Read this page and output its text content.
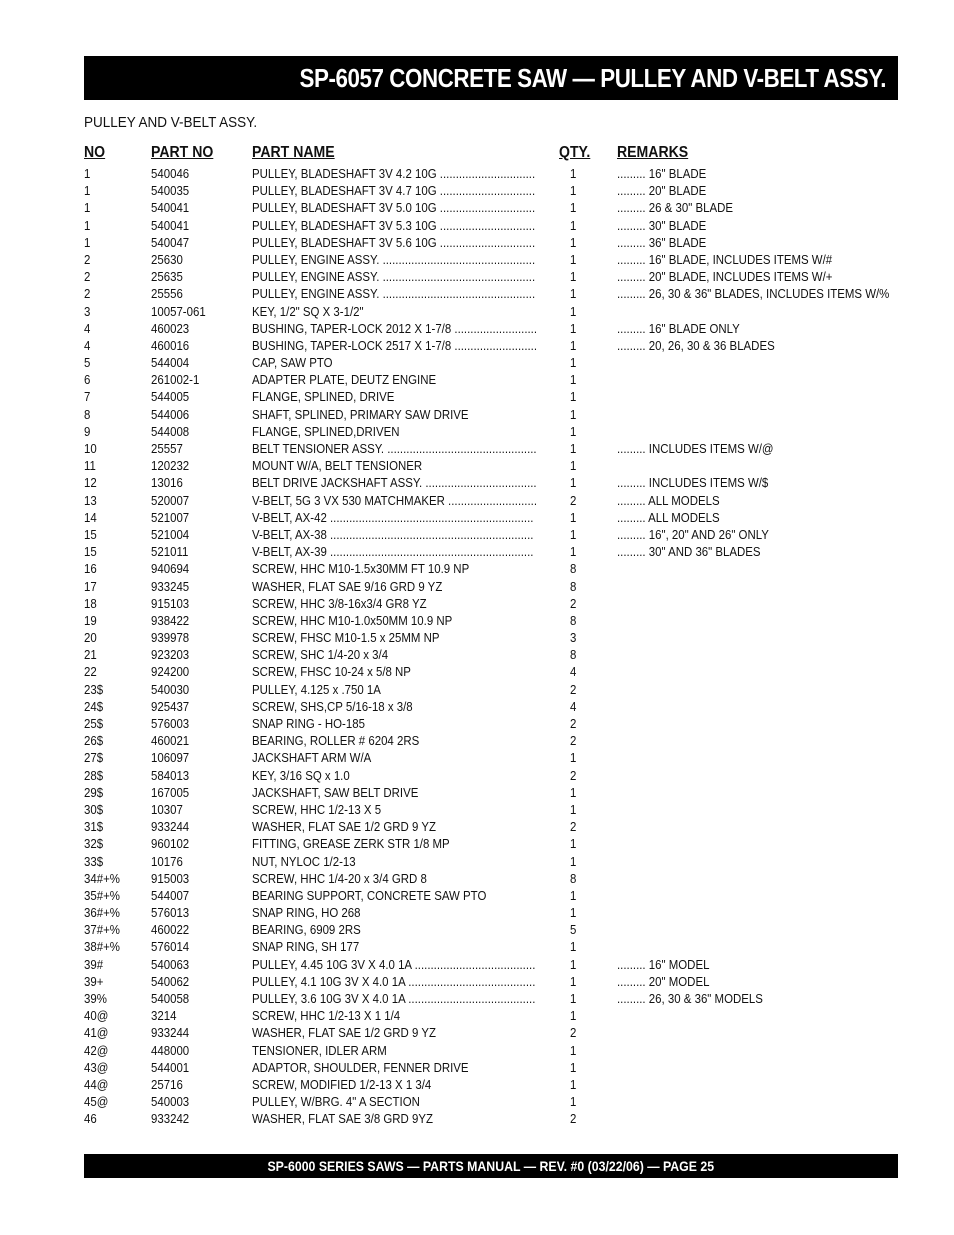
SP-6057 CONCRETE SAW — PULLEY AND V-BELT ASSY.
PULLEY AND V-BELT ASSY.
NO	PART NO PART NAME	QTY. REMARKS
1	540046	PULLEY, BLADESHAFT 3V 4.2 10G ..............................	1	......... 16" BLADE
1	540035	PULLEY, BLADESHAFT 3V 4.7 10G ..............................	1	......... 20" BLADE
1	540041	PULLEY, BLADESHAFT 3V 5.0 10G ..............................	1	......... 26 & 30" BLADE
1	540041	PULLEY, BLADESHAFT 3V 5.3 10G ..............................	1	......... 30" BLADE
1	540047	PULLEY, BLADESHAFT 3V 5.6 10G ..............................	1	......... 36" BLADE
2	25630	PULLEY, ENGINE ASSY. ................................................	1	......... 16" BLADE, INCLUDES ITEMS W/#
2	25635	PULLEY, ENGINE ASSY. ................................................	1	......... 20" BLADE, INCLUDES ITEMS W/+
2	25556	PULLEY, ENGINE ASSY. ................................................	1	......... 26, 30 & 36" BLADES, INCLUDES ITEMS W/%
3	10057-061	KEY, 1/2" SQ X 3-1/2"	1
4	460023	BUSHING, TAPER-LOCK 2012 X 1-7/8 ..........................	1	......... 16" BLADE ONLY
4	460016	BUSHING, TAPER-LOCK 2517 X 1-7/8 ..........................	1	......... 20, 26, 30 & 36 BLADES
5	544004	CAP, SAW PTO	1
6	261002-1	ADAPTER PLATE, DEUTZ ENGINE	1
7	544005	FLANGE, SPLINED, DRIVE	1
8	544006	SHAFT, SPLINED, PRIMARY SAW DRIVE	1
9	544008	FLANGE, SPLINED,DRIVEN	1
10	25557	BELT TENSIONER ASSY. ...............................................	1	......... INCLUDES ITEMS W/@
11	120232	MOUNT W/A, BELT TENSIONER	1
12	13016	BELT DRIVE JACKSHAFT ASSY. ...................................	1	......... INCLUDES ITEMS W/$
13	520007	V-BELT, 5G 3 VX 530 MATCHMAKER ............................	2	......... ALL MODELS
14	521007	V-BELT, AX-42 ................................................................	1	......... ALL MODELS
15	521004	V-BELT, AX-38 ................................................................	1	......... 16", 20" AND 26" ONLY
15	521011	V-BELT, AX-39 ................................................................	1	......... 30" AND 36" BLADES
16	940694	SCREW, HHC M10-1.5x30MM FT 10.9 NP	8
17	933245	WASHER, FLAT SAE 9/16 GRD 9 YZ	8
18	915103	SCREW, HHC 3/8-16x3/4 GR8 YZ	2
19	938422	SCREW, HHC M10-1.0x50MM 10.9 NP	8
20	939978	SCREW, FHSC M10-1.5 x 25MM NP	3
21	923203	SCREW, SHC 1/4-20 x 3/4	8
22	924200	SCREW, FHSC 10-24 x 5/8 NP	4
23$	540030	PULLEY, 4.125 x .750 1A	2
24$	925437	SCREW, SHS,CP 5/16-18 x 3/8	4
25$	576003	SNAP RING - HO-185	2
26$	460021	BEARING, ROLLER # 6204 2RS	2
27$	106097	JACKSHAFT ARM W/A	1
28$	584013	KEY, 3/16 SQ x 1.0	2
29$	167005	JACKSHAFT, SAW BELT DRIVE	1
30$	10307	SCREW, HHC 1/2-13 X 5	1
31$	933244	WASHER, FLAT SAE 1/2 GRD 9 YZ	2
32$	960102	FITTING, GREASE ZERK STR 1/8 MP	1
33$	10176	NUT, NYLOC 1/2-13	1
34#+% 915003	SCREW, HHC 1/4-20 x 3/4 GRD 8	8
35#+% 544007	BEARING SUPPORT, CONCRETE SAW PTO	1
36#+% 576013	SNAP RING, HO 268	1
37#+% 460022	BEARING, 6909 2RS	5
38#+% 576014	SNAP RING, SH 177	1
39#	540063	PULLEY, 4.45 10G 3V X 4.0 1A ......................................	1	......... 16" MODEL
39+	540062	PULLEY, 4.1 10G 3V X 4.0 1A ........................................	1	......... 20" MODEL
39%	540058	PULLEY, 3.6 10G 3V X 4.0 1A ........................................	1	......... 26, 30 & 36" MODELS
40@	3214	SCREW, HHC 1/2-13 X 1 1/4	1
41@	933244	WASHER, FLAT SAE 1/2 GRD 9 YZ	2
42@	448000	TENSIONER, IDLER ARM	1
43@	544001	ADAPTOR, SHOULDER, FENNER DRIVE	1
44@	25716	SCREW, MODIFIED 1/2-13 X 1 3/4	1
45@	540003	PULLEY, W/BRG. 4" A SECTION	1
46	933242	WASHER, FLAT SAE 3/8 GRD 9YZ	2
SP-6000 SERIES SAWS — PARTS MANUAL — REV. #0 (03/22/06) — PAGE 25
